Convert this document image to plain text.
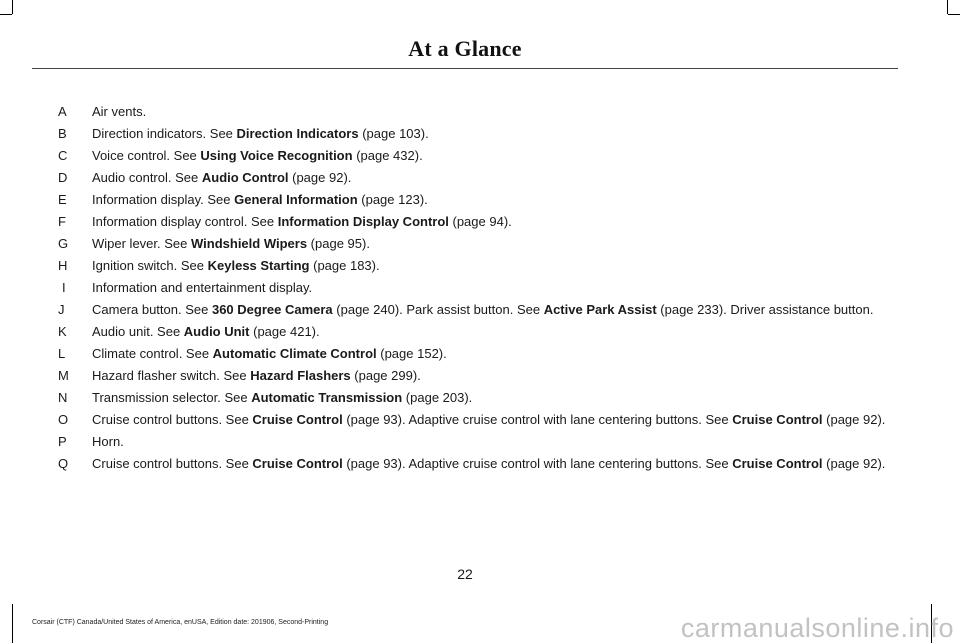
At a Glance
A	Air vents.
B	Direction indicators. See Direction Indicators (page 103).
C	Voice control. See Using Voice Recognition (page 432).
D	Audio control. See Audio Control (page 92).
E	Information display. See General Information (page 123).
F	Information display control. See Information Display Control (page 94).
G	Wiper lever. See Windshield Wipers (page 95).
H	Ignition switch. See Keyless Starting (page 183).
I	Information and entertainment display.
J	Camera button. See 360 Degree Camera (page 240). Park assist button. See Active Park Assist (page 233). Driver assistance button.
K	Audio unit. See Audio Unit (page 421).
L	Climate control. See Automatic Climate Control (page 152).
M	Hazard flasher switch. See Hazard Flashers (page 299).
N	Transmission selector. See Automatic Transmission (page 203).
O	Cruise control buttons. See Cruise Control (page 93). Adaptive cruise control with lane centering buttons. See Cruise Control (page 92).
P	Horn.
Q	Cruise control buttons. See Cruise Control (page 93). Adaptive cruise control with lane centering buttons. See Cruise Control (page 92).
22
Corsair (CTF) Canada/United States of America, enUSA, Edition date: 201906, Second-Printing	carmanualsonline.info
